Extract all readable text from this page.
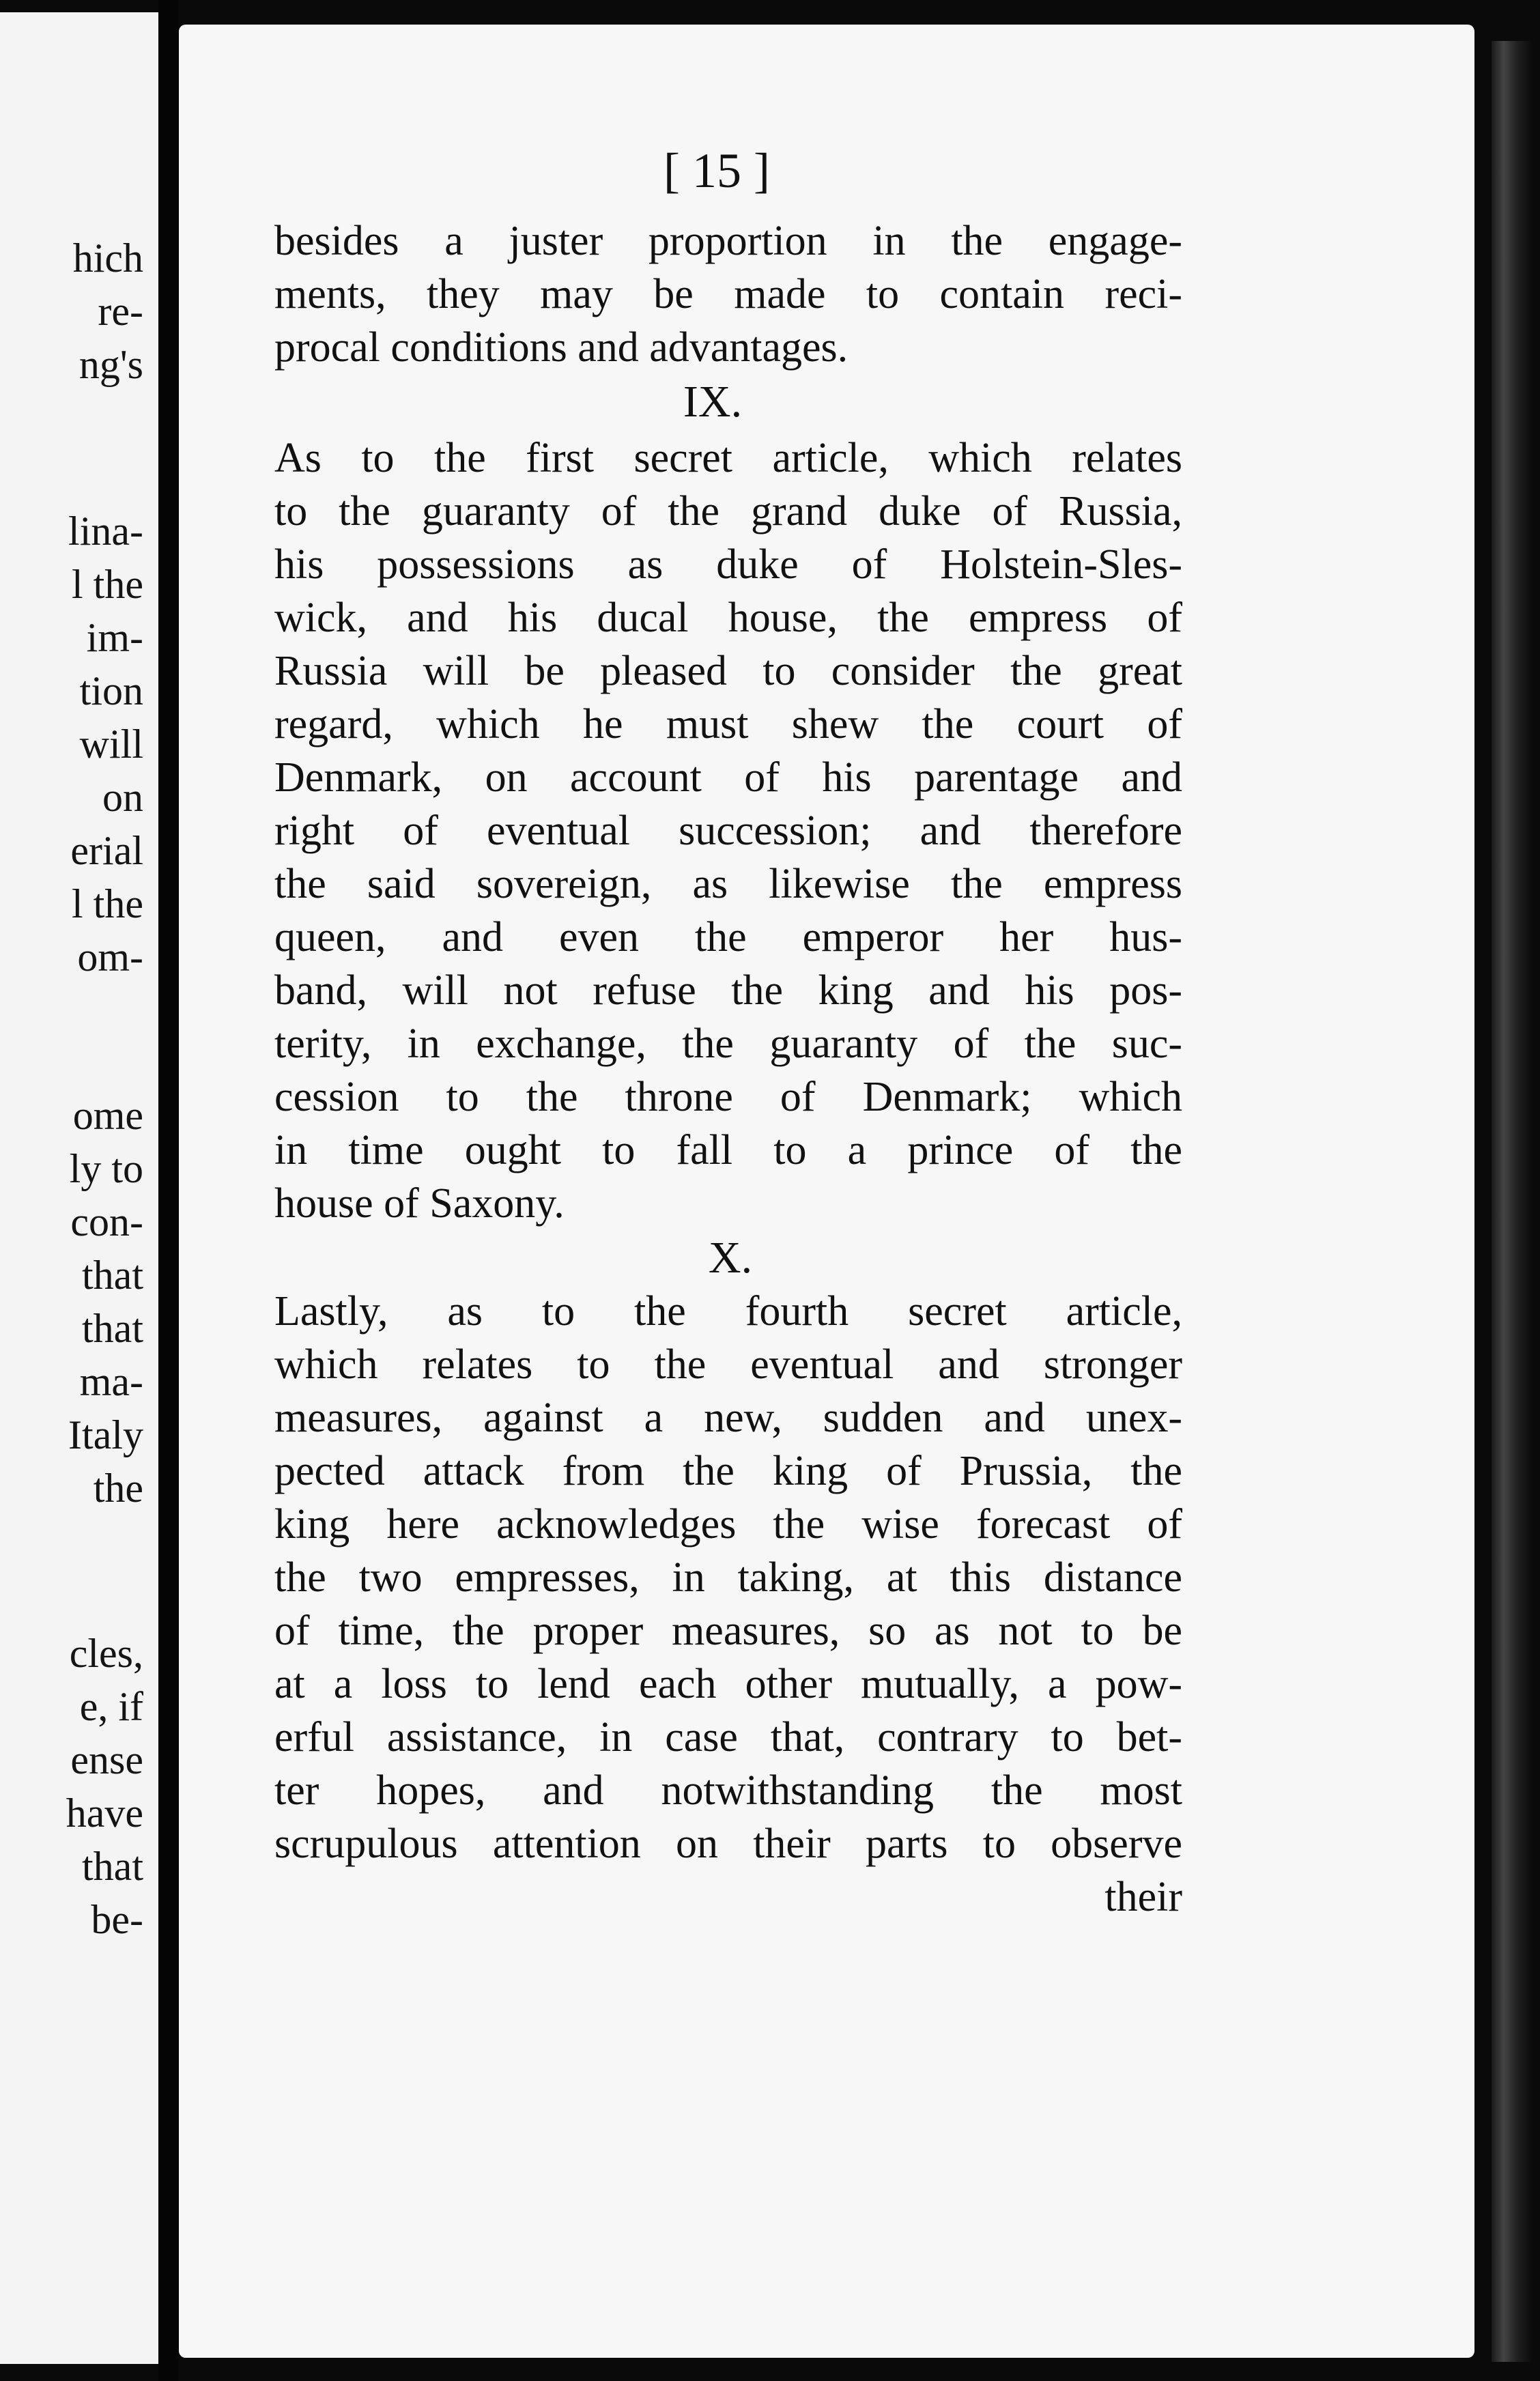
hich
re-
ng's
lina-
l the
im-
tion
will
on
erial
l the
om-
ome
ly to
con-
that
that
ma-
Italy
the
cles,
e, if
ense
have
that
be-
[ 15 ]
besides a juster proportion in the engage-
ments, they may be made to contain reci-
procal conditions and advantages.
IX.
As to the first secret article, which relates
to the guaranty of the grand duke of Russia,
his possessions as duke of Holstein-Sles-
wick, and his ducal house, the empress of
Russia will be pleased to consider the great
regard, which he must shew the court of
Denmark, on account of his parentage and
right of eventual succession; and therefore
the said sovereign, as likewise the empress
queen, and even the emperor her hus-
band, will not refuse the king and his pos-
terity, in exchange, the guaranty of the suc-
cession to the throne of Denmark; which
in time ought to fall to a prince of the
house of Saxony.
X.
Lastly, as to the fourth secret article,
which relates to the eventual and stronger
measures, against a new, sudden and unex-
pected attack from the king of Prussia, the
king here acknowledges the wise forecast of
the two empresses, in taking, at this distance
of time, the proper measures, so as not to be
at a loss to lend each other mutually, a pow-
erful assistance, in case that, contrary to bet-
ter hopes, and notwithstanding the most
scrupulous attention on their parts to observe
their
